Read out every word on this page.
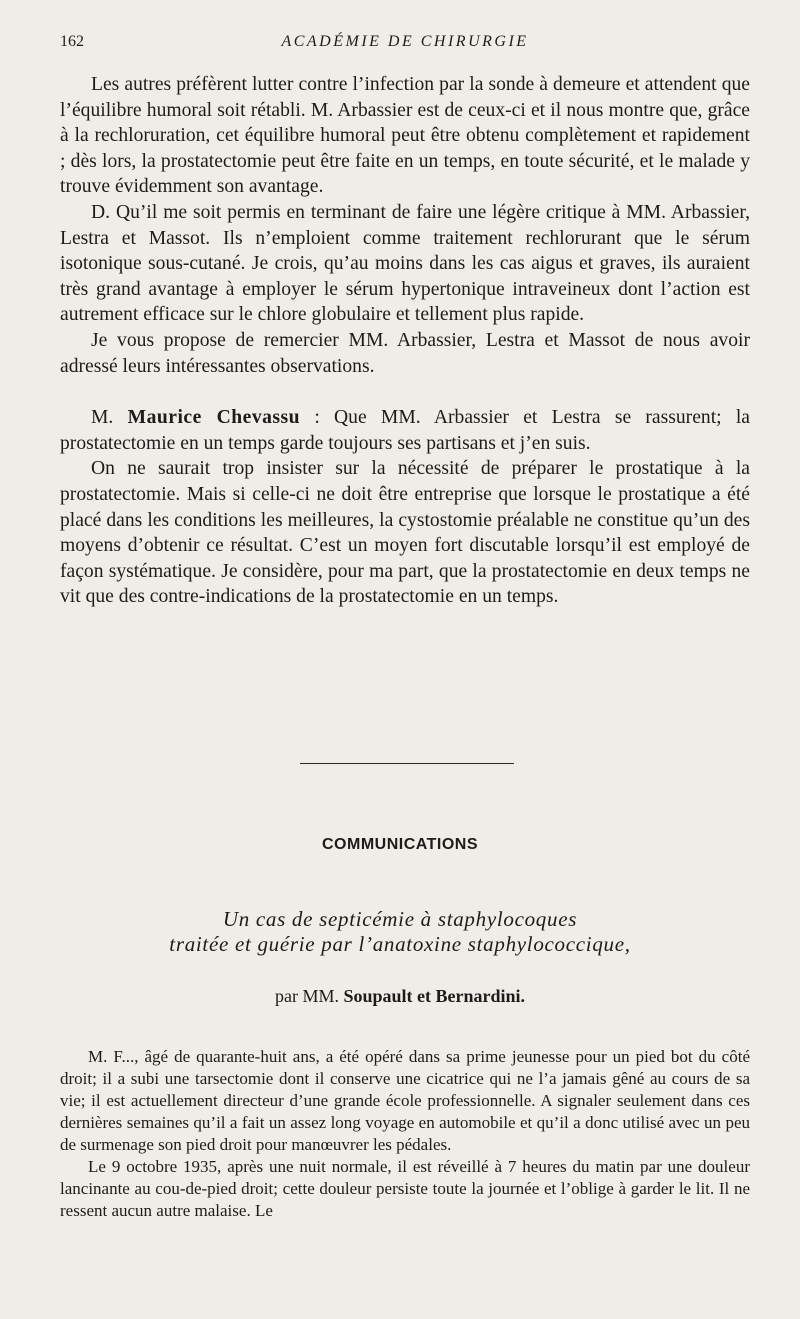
162	ACADÉMIE DE CHIRURGIE

Les autres préfèrent lutter contre l’infection par la sonde à demeure et attendent que l’équilibre humoral soit rétabli. M. Arbassier est de ceux-ci et il nous montre que, grâce à la rechloruration, cet équilibre humoral peut être obtenu complètement et rapidement ; dès lors, la prostatectomie peut être faite en un temps, en toute sécurité, et le malade y trouve évidemment son avantage.

D. Qu’il me soit permis en terminant de faire une légère critique à MM. Arbassier, Lestra et Massot. Ils n’emploient comme traitement rechlorurant que le sérum isotonique sous-cutané. Je crois, qu’au moins dans les cas aigus et graves, ils auraient très grand avantage à employer le sérum hypertonique intraveineux dont l’action est autrement efficace sur le chlore globulaire et tellement plus rapide.

Je vous propose de remercier MM. Arbassier, Lestra et Massot de nous avoir adressé leurs intéressantes observations.

M. Maurice Chevassu : Que MM. Arbassier et Lestra se rassurent; la prostatectomie en un temps garde toujours ses partisans et j’en suis.

On ne saurait trop insister sur la nécessité de préparer le prostatique à la prostatectomie. Mais si celle-ci ne doit être entreprise que lorsque le prostatique a été placé dans les conditions les meilleures, la cystostomie préalable ne constitue qu’un des moyens d’obtenir ce résultat. C’est un moyen fort discutable lorsqu’il est employé de façon systématique. Je considère, pour ma part, que la prostatectomie en deux temps ne vit que des contre-indications de la prostatectomie en un temps.

COMMUNICATIONS
Un cas de septicémie à staphylocoques
traitée et guérie par l’anatoxine staphylococcique,
par MM. Soupault et Bernardini.

M. F..., âgé de quarante-huit ans, a été opéré dans sa prime jeunesse pour un pied bot du côté droit; il a subi une tarsectomie dont il conserve une cicatrice qui ne l’a jamais gêné au cours de sa vie; il est actuellement directeur d’une grande école professionnelle. A signaler seulement dans ces dernières semaines qu’il a fait un assez long voyage en automobile et qu’il a donc utilisé avec un peu de surmenage son pied droit pour manœuvrer les pédales.

Le 9 octobre 1935, après une nuit normale, il est réveillé à 7 heures du matin par une douleur lancinante au cou-de-pied droit; cette douleur persiste toute la journée et l’oblige à garder le lit. Il ne ressent aucun autre malaise. Le
